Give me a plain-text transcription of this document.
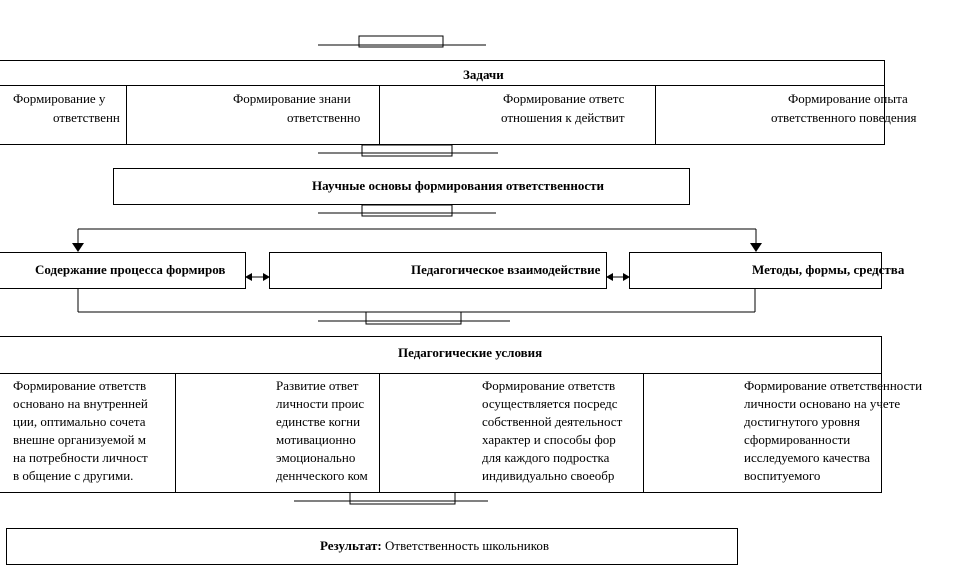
Задачи
Формирование у
ответственн
Формирование знани
ответственно
Формирование ответс
отношения к действит
Формирование опыта
ответственного поведения
Научные основы формирования ответственности
Содержание процесса формиров	Педагогическое взаимодействие	Методы, формы, средства
Педагогические условия
Формирование ответств
основано на внутренней
ции, оптимально сочета
внешне организуемой м
на потребности личност
в общение с другими.
Развитие ответ
личности проис
единстве когни
мотивационно
эмоционально
деннческого ком
Формирование ответств
осуществляется посредс
собственной деятельност
характер и способы фор
для каждого подростка
индивидуально своеобр
Формирование ответственности
личности основано на учете
достигнутого уровня
сформированности
исследуемого качества
воспитуемого
Результат: Ответственность школьников
